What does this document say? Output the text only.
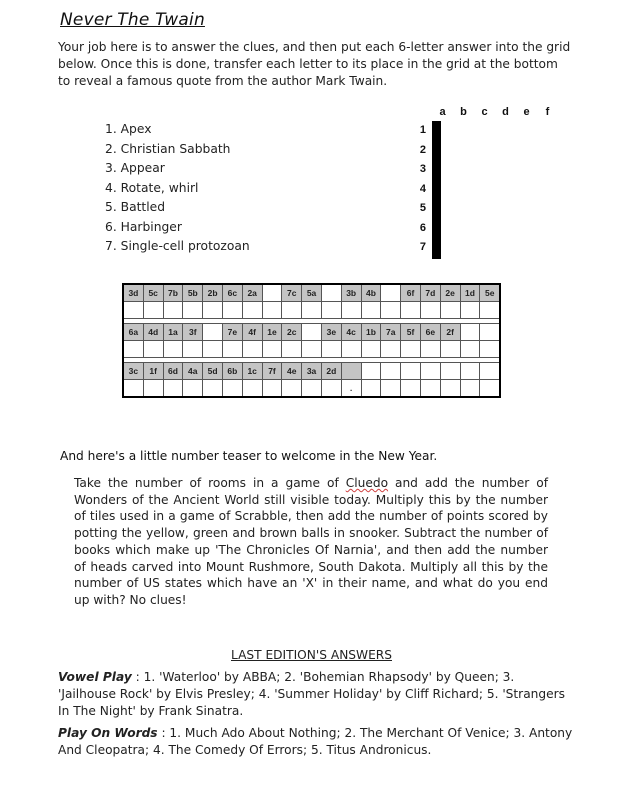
Never The Twain
Your job here is to answer the clues, and then put each 6-letter answer into the grid below. Once this is done, transfer each letter to its place in the grid at the bottom to reveal a famous quote from the author Mark Twain.
1. Apex
2. Christian Sabbath
3. Appear
4. Rotate, whirl
5. Battled
6. Harbinger
7. Single-cell protozoan
a	b	c	d	e	f
1
2
3
4
5
6
7

3d	5c	7b	5b	2b	6c	2a		7c	5a		3b	4b		6f	7d	2e	1d	5e

6a	4d	1a	3f		7e	4f	1e	2c		3e	4c	1b	7a	5f	6e	2f		

3c	1f	6d	4a	5d	6b	1c	7f	4e	3a	2d								
											.							
And here's a little number teaser to welcome in the New Year.
Take the number of rooms in a game of Cluedo and add the number of Wonders of the Ancient World still visible today. Multiply this by the number of tiles used in a game of Scrabble, then add the number of points scored by potting the yellow, green and brown balls in snooker. Subtract the number of books which make up 'The Chronicles Of Narnia', and then add the number of heads carved into Mount Rushmore, South Dakota. Multiply all this by the number of US states which have an 'X' in their name, and what do you end up with? No clues!
LAST EDITION'S ANSWERS
Vowel Play : 1. 'Waterloo' by ABBA; 2. 'Bohemian Rhapsody' by Queen; 3. 'Jailhouse Rock' by Elvis Presley; 4. 'Summer Holiday' by Cliff Richard; 5. 'Strangers In The Night' by Frank Sinatra.
Play On Words : 1. Much Ado About Nothing; 2. The Merchant Of Venice; 3. Antony And Cleopatra; 4. The Comedy Of Errors; 5. Titus Andronicus.
